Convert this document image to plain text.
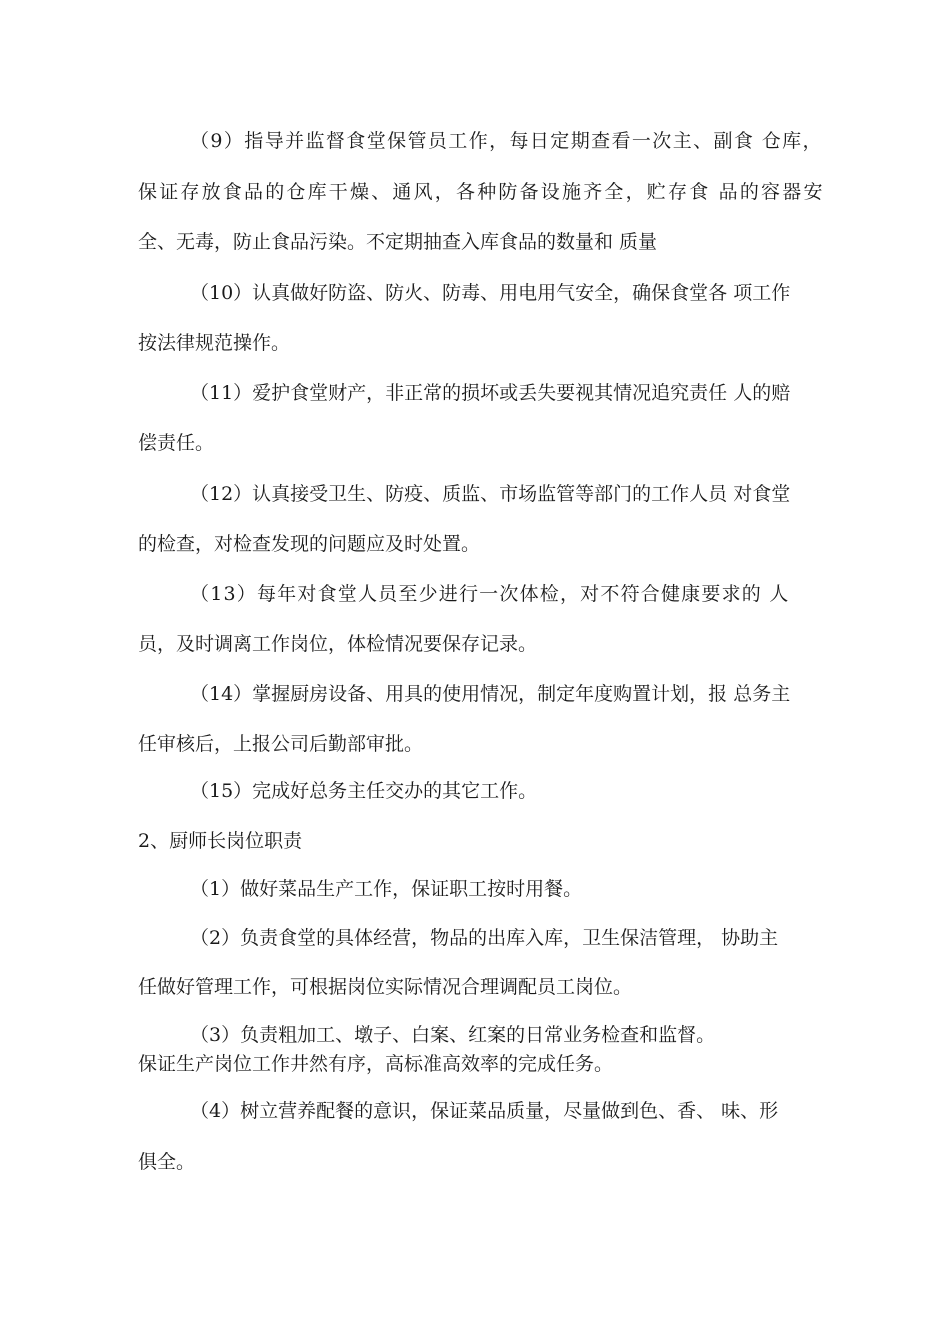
（9）指导并监督食堂保管员工作，每日定期查看一次主、副食 仓库，
保证存放食品的仓库干燥、通风，各种防备设施齐全，贮存食 品的容器安
全、无毒，防止食品污染。不定期抽查入库食品的数量和 质量
（10）认真做好防盗、防火、防毒、用电用气安全，确保食堂各 项工作
按法律规范操作。
（11）爱护食堂财产，非正常的损坏或丢失要视其情况追究责任 人的赔
偿责任。
（12）认真接受卫生、防疫、质监、市场监管等部门的工作人员 对食堂
的检查，对检查发现的问题应及时处置。
（13）每年对食堂人员至少进行一次体检，对不符合健康要求的 人
员，及时调离工作岗位，体检情况要保存记录。
（14）掌握厨房设备、用具的使用情况，制定年度购置计划，报 总务主
任审核后，上报公司后勤部审批。
（15）完成好总务主任交办的其它工作。
2、厨师长岗位职责
（1）做好菜品生产工作，保证职工按时用餐。
（2）负责食堂的具体经营，物品的出库入库，卫生保洁管理， 协助主
任做好管理工作，可根据岗位实际情况合理调配员工岗位。
（3）负责粗加工、墩子、白案、红案的日常业务检查和监督。
保证生产岗位工作井然有序，高标准高效率的完成任务。
（4）树立营养配餐的意识，保证菜品质量，尽量做到色、香、 味、形
俱全。
